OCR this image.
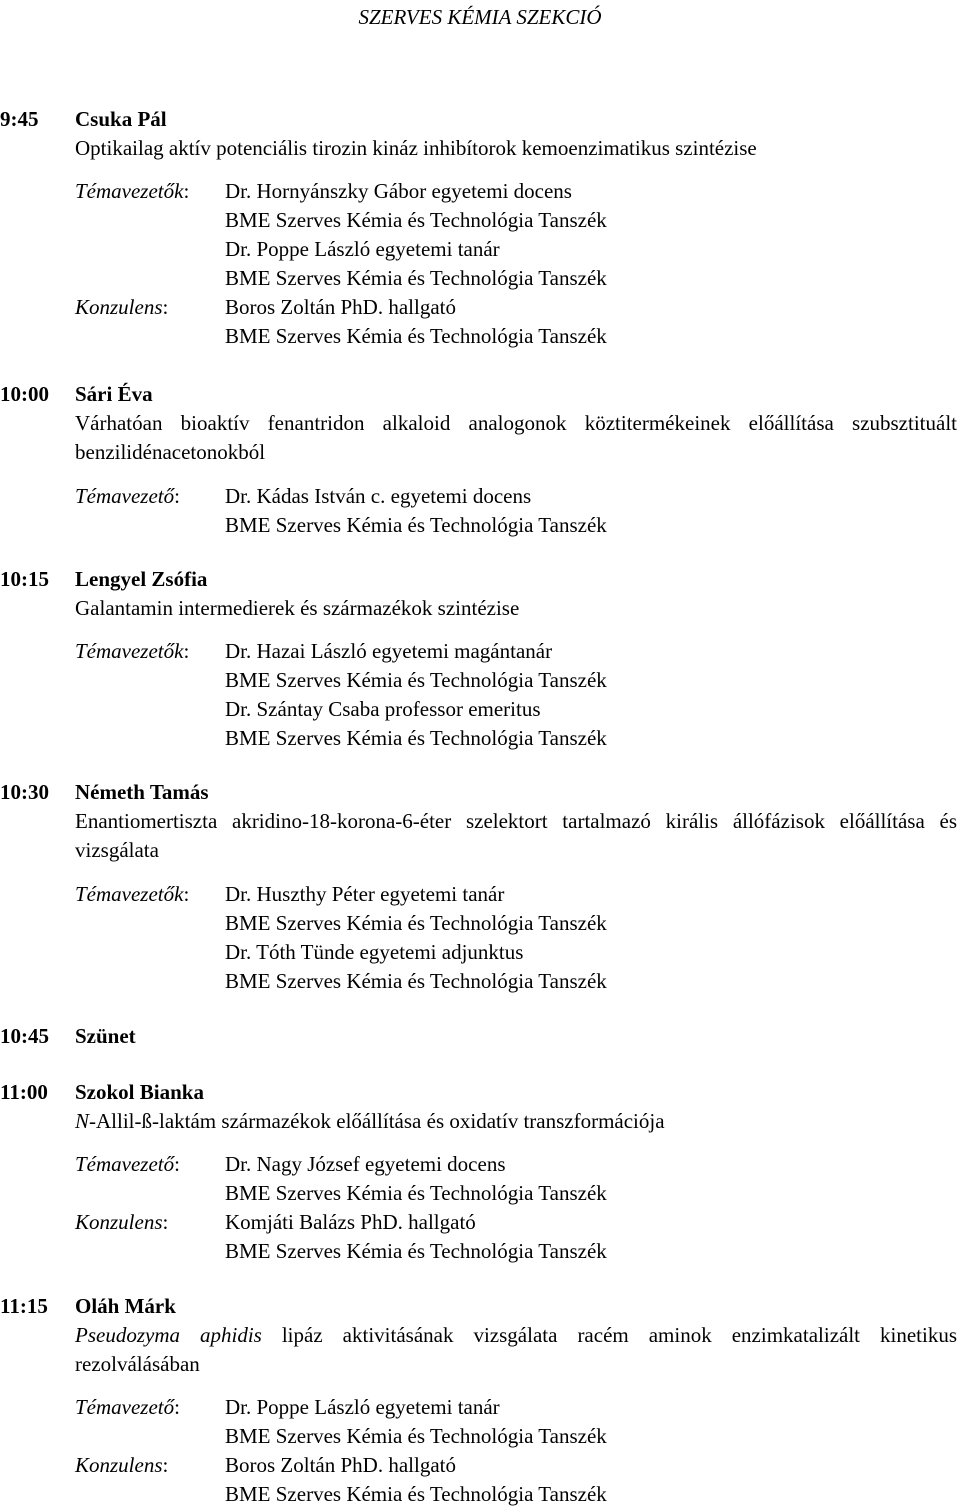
SZERVES KÉMIA SZEKCIÓ
9:45	Csuka Pál
Optikailag aktív potenciális tirozin kináz inhibítorok kemoenzimatikus szintézise
Témavezetők:	Dr. Hornyánszky Gábor egyetemi docens
BME Szerves Kémia és Technológia Tanszék
Dr. Poppe László egyetemi tanár
BME Szerves Kémia és Technológia Tanszék
Konzulens:	Boros Zoltán PhD. hallgató
BME Szerves Kémia és Technológia Tanszék
10:00	Sári Éva
Várhatóan bioaktív fenantridon alkaloid analogonok köztitermékeinek előállítása szubsztituált benzilidénacetonokból
Témavezető:	Dr. Kádas István c. egyetemi docens
BME Szerves Kémia és Technológia Tanszék
10:15	Lengyel Zsófia
Galantamin intermedierek és származékok szintézise
Témavezetők:	Dr. Hazai László egyetemi magántanár
BME Szerves Kémia és Technológia Tanszék
Dr. Szántay Csaba professor emeritus
BME Szerves Kémia és Technológia Tanszék
10:30	Németh Tamás
Enantiomertiszta akridino-18-korona-6-éter szelektort tartalmazó királis állófázisok előállítása és vizsgálata
Témavezetők:	Dr. Huszthy Péter egyetemi tanár
BME Szerves Kémia és Technológia Tanszék
Dr. Tóth Tünde egyetemi adjunktus
BME Szerves Kémia és Technológia Tanszék
10:45	Szünet
11:00	Szokol Bianka
N-Allil-ß-laktám származékok előállítása és oxidatív transzformációja
Témavezető:	Dr. Nagy József egyetemi docens
BME Szerves Kémia és Technológia Tanszék
Konzulens:	Komjáti Balázs PhD. hallgató
BME Szerves Kémia és Technológia Tanszék
11:15	Oláh Márk
Pseudozyma aphidis lipáz aktivitásának vizsgálata racém aminok enzimkatalizált kinetikus rezolválásában
Témavezető:	Dr. Poppe László egyetemi tanár
BME Szerves Kémia és Technológia Tanszék
Konzulens:	Boros Zoltán PhD. hallgató
BME Szerves Kémia és Technológia Tanszék
